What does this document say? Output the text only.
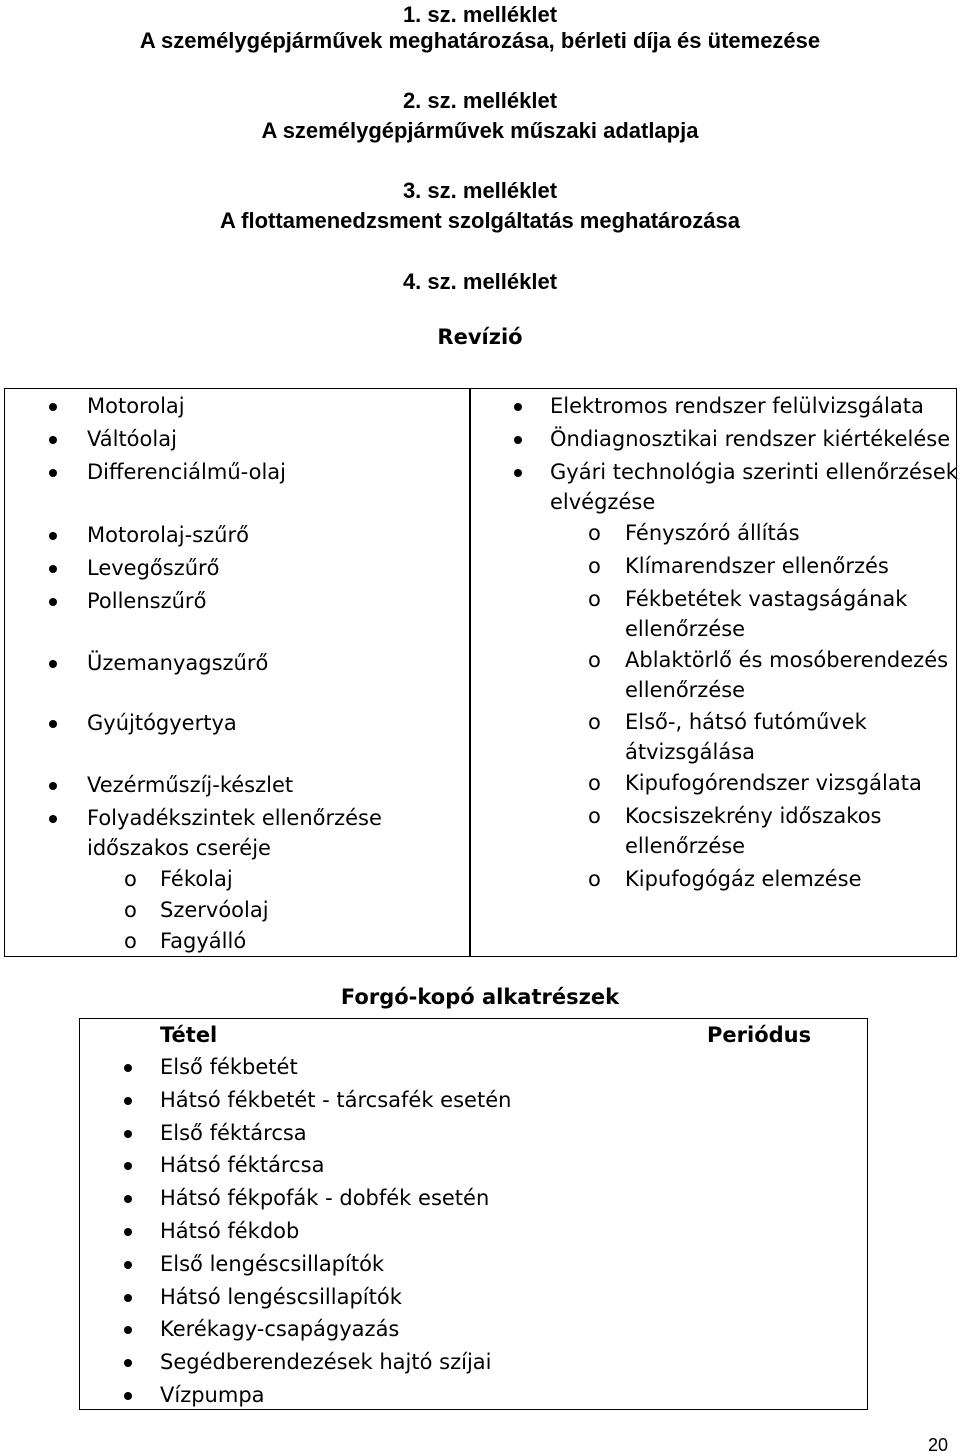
1. sz. melléklet
A személygépjárművek meghatározása, bérleti díja és ütemezése
2. sz. melléklet
A személygépjárművek műszaki adatlapja
3. sz. melléklet
A flottamenedzsment szolgáltatás meghatározása
4. sz. melléklet
Revízió
Motorolaj
Váltóolaj
Differenciálmű-olaj
Motorolaj-szűrő
Levegőszűrő
Pollenszűrő
Üzemanyagszűrő
Gyújtógyertya
Vezérműszíj-készlet
Folyadékszintek ellenőrzése
időszakos cseréje
o Fékolaj
o Szervóolaj
o Fagyálló
Elektromos rendszer felülvizsgálata
Öndiagnosztikai rendszer kiértékelése
Gyári technológia szerinti ellenőrzések
elvégzése
o Fényszóró állítás
o Klímarendszer ellenőrzés
o Fékbetétek vastagságának
ellenőrzése
o Ablaktörlő és mosóberendezés
ellenőrzése
o Első-, hátsó futóművek
átvizsgálása
o Kipufogórendszer vizsgálata
o Kocsiszekrény időszakos
ellenőrzése
o Kipufogógáz elemzése
Forgó-kopó alkatrészek
Tétel	Periódus
Első fékbetét
Hátsó fékbetét - tárcsafék esetén
Első féktárcsa
Hátsó féktárcsa
Hátsó fékpofák - dobfék esetén
Hátsó fékdob
Első lengéscsillapítók
Hátsó lengéscsillapítók
Kerékagy-csapágyazás
Segédberendezések hajtó szíjai
Vízpumpa
20
